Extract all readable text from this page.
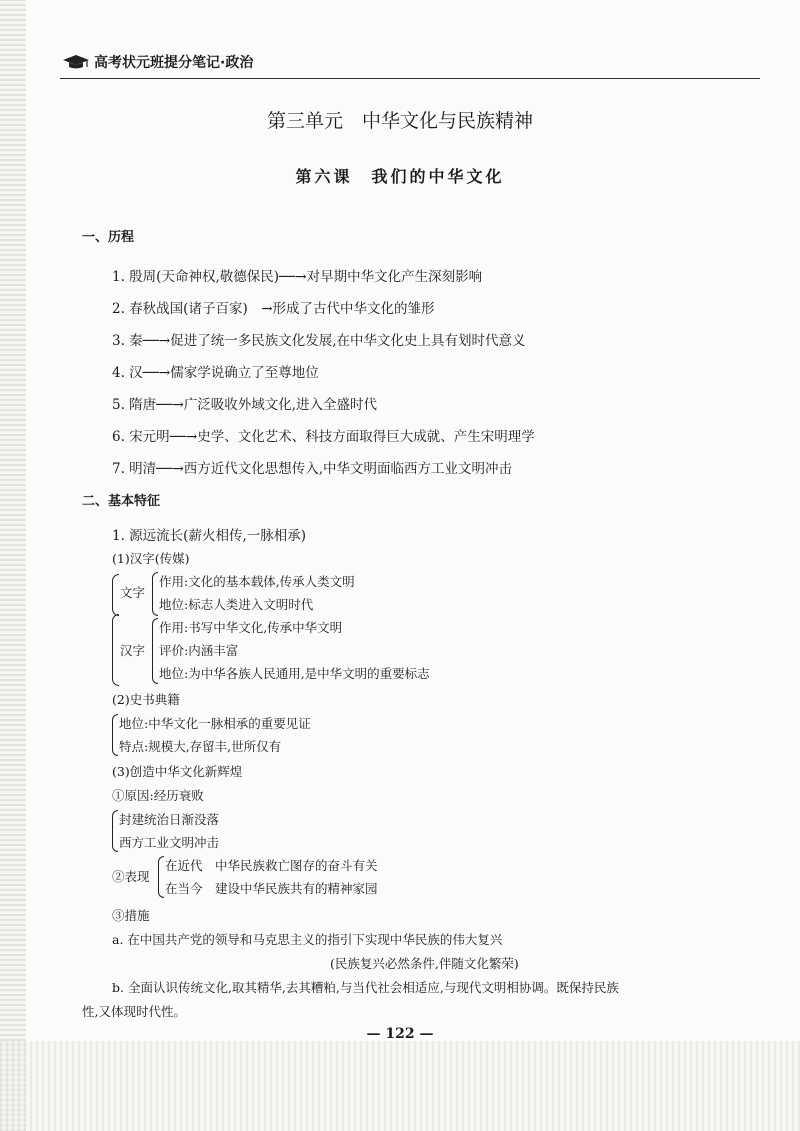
高考状元班提分笔记·政治
第三单元　中华文化与民族精神
第六课　我们的中华文化
一、历程
1. 殷周(天命神权,敬德保民)──→对早期中华文化产生深刻影响
2. 春秋战国(诸子百家)　→形成了古代中华文化的雏形
3. 秦──→促进了统一多民族文化发展,在中华文化史上具有划时代意义
4. 汉──→儒家学说确立了至尊地位
5. 隋唐──→广泛吸收外域文化,进入全盛时代
6. 宋元明──→史学、文化艺术、科技方面取得巨大成就、产生宋明理学
7. 明清──→西方近代文化思想传入,中华文明面临西方工业文明冲击
二、基本特征
1. 源远流长(薪火相传,一脉相承)
(1)汉字(传媒)
文字
作用:文化的基本载体,传承人类文明
地位:标志人类进入文明时代
汉字
作用:书写中华文化,传承中华文明
评价:内涵丰富
地位:为中华各族人民通用,是中华文明的重要标志
(2)史书典籍
地位:中华文化一脉相承的重要见证
特点:规模大,存留丰,世所仅有
(3)创造中华文化新辉煌
①原因:经历衰败
封建统治日渐没落
西方工业文明冲击
②表现
在近代　中华民族救亡图存的奋斗有关
在当今　建设中华民族共有的精神家园
③措施
a. 在中国共产党的领导和马克思主义的指引下实现中华民族的伟大复兴
(民族复兴必然条件,伴随文化繁荣)
b. 全面认识传统文化,取其精华,去其糟粕,与当代社会相适应,与现代文明相协调。既保持民族
性,又体现时代性。
— 122 —
